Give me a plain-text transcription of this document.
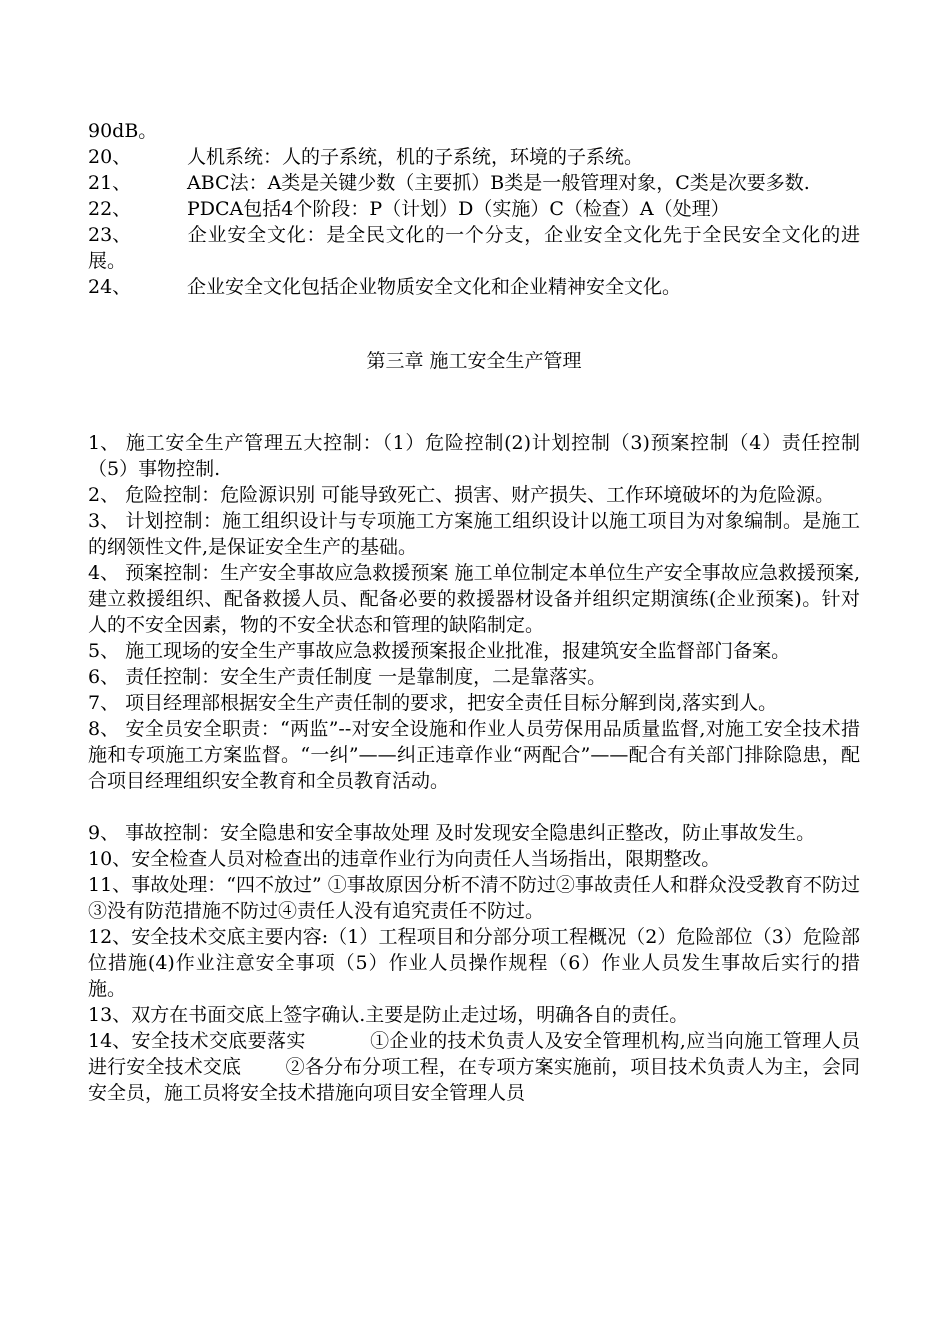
90dB。
20、	人机系统：人的子系统，机的子系统，环境的子系统。
21、	ABC法：A类是关键少数（主要抓）B类是一般管理对象，C类是次要多数.
22、	PDCA包括4个阶段：P（计划）D（实施）C（检查）A（处理）
23、	企业安全文化：是全民文化的一个分支，企业安全文化先于全民安全文化的进展。
24、	企业安全文化包括企业物质安全文化和企业精神安全文化。
第三章 施工安全生产管理
1、 施工安全生产管理五大控制：（1）危险控制(2)计划控制（3)预案控制（4）责任控制（5）事物控制.
2、 危险控制：危险源识别 可能导致死亡、损害、财产损失、工作环境破坏的为危险源。
3、 计划控制：施工组织设计与专项施工方案施工组织设计以施工项目为对象编制。是施工的纲领性文件,是保证安全生产的基础。
4、 预案控制：生产安全事故应急救援预案 施工单位制定本单位生产安全事故应急救援预案,建立救援组织、配备救援人员、配备必要的救援器材设备并组织定期演练(企业预案)。针对人的不安全因素，物的不安全状态和管理的缺陷制定。
5、 施工现场的安全生产事故应急救援预案报企业批准，报建筑安全监督部门备案。
6、 责任控制：安全生产责任制度 一是靠制度，二是靠落实。
7、 项目经理部根据安全生产责任制的要求，把安全责任目标分解到岗,落实到人。
8、 安全员安全职责：“两监”--对安全设施和作业人员劳保用品质量监督,对施工安全技术措施和专项施工方案监督。“一纠”——纠正违章作业“两配合”——配合有关部门排除隐患，配合项目经理组织安全教育和全员教育活动。
9、 事故控制：安全隐患和安全事故处理 及时发现安全隐患纠正整改，防止事故发生。
10、安全检查人员对检查出的违章作业行为向责任人当场指出，限期整改。
11、事故处理：“四不放过” ①事故原因分析不清不防过②事故责任人和群众没受教育不防过③没有防范措施不防过④责任人没有追究责任不防过。
12、安全技术交底主要内容:（1）工程项目和分部分项工程概况（2）危险部位（3）危险部位措施(4)作业注意安全事项（5）作业人员操作规程（6）作业人员发生事故后实行的措施。
13、双方在书面交底上签字确认.主要是防止走过场，明确各自的责任。
14、安全技术交底要落实 　　　①企业的技术负责人及安全管理机构,应当向施工管理人员进行安全技术交底 　　②各分布分项工程，在专项方案实施前，项目技术负责人为主，会同安全员，施工员将安全技术措施向项目安全管理人员
